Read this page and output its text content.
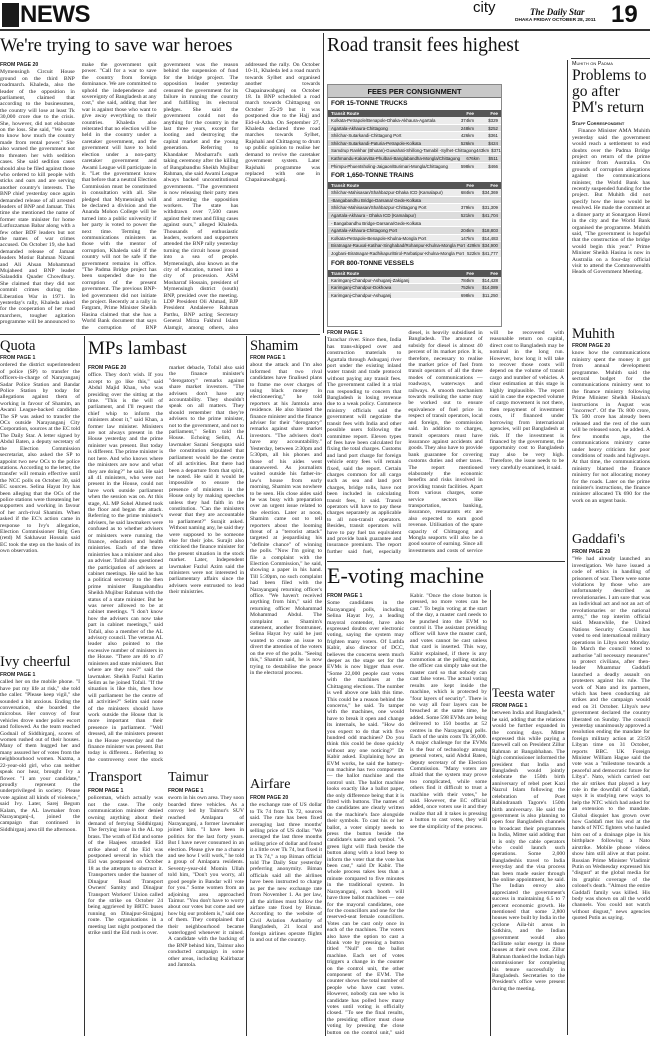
NEWS	city	The Daily Star
DHAKA FRIDAY OCTOBER 28, 2011 19
We're trying to save war heroes

FROM PAGE 20
Mymensingh Circuit House ground on the third BNP roadmarch. Khaleda, also the leader of the opposition in parliament, claimed that according to the businessmen, the country will lose at least Tk 30,000 crore due to the crisis. She, however, did not elaborate on the loss. She said, "We want to know how much the country made from rental power." She also warned the government not to threaten her with sedition cases. She said sedition cases should also be filed against those who ordered to kill people with sticks and oars and are serving another country's interests. The BNP chief yesterday once again demanded release of all arrested leaders of BNP and Jamaat. This time she mentioned the name of former state minister for home Lutfozzaman Babar along with a few other BDF leaders but not the names of war crimes accused. On October 19, she had demanded release of Jamaat leaders Motiur Rahman Nizami and Ali Ahsan Mohammad Mujaheed and BNP leader Salauddin Quader Chowdhury. She claimed that they did not commit crimes during the Liberation War in 1971. In yesterday's rally, Khaleda asked for the cooperation of her road marchers, tougher agitation programme will be announced to make the government quit power. "Call for a war to save the country from foreign dominance. We are committed to uphold the independence and sovereignty of Bangladesh at any cost," she said, adding that her war is against those who want to give away everything to their countries. Khaleda also reiterated that no election will be held in the country under a caretaker government, and the government will have to hold election under a non-party caretaker government and Awami League will participate in it. "Let the government know that before that a neutral Election Commission must be constituted in consultation with all. She pledged that Mymensingh will be declared a division and the Ananda Mohon College will be turned into a public university if her party is voted to power the next time. Terming the communications ministers as those with the mentor of corruption, Khaleda said if the country will not be safe if the government remains in office. "The Padma Bridge project has been suspended due to the corruption of the present government. The previous BNP-led government did not initiate the project. Recently at a rally in Fatgram, Prime Minister Sheikh Hasina claimed that she has a World Bank document that says the corruption of BNP government was the reason behind the suspension of fund for the bridge project. The opposition leader yesterday censured the government for its failure in running the country and fulfilling its electoral pledges. She said the government could not do anything for the country in the last three years, except for looting and destroying the capital market and the young generation. Referring to Khandaker Mosharraf's oath taking ceremony after the killing of Bangabandhu Sheikh Mujibur Rahman, she said Awami League always backed unconstitutional governments. "The government is now releasing their party men and arresting the opposition workers. The state has withdrawn over 7,500 cases against their men and filing cases against ours," alleged Khaleda. Thousands of enthusiastic leaders, workers and supporters attended the BNP rally yesterday turning the circuit house ground into a sea of people. Mymensingh, also known as the city of education, turned into a city of procession. ASM Mosharraf Hossain, president of Mymensingh district (south) BNP, presided over the meeting. LDP President Oli Ahmad, BJP President Andaleeve Rahman Parthu, BNP acting Secretary General Mirza Fakhrul Islam Alamgir, among others, also addressed the rally. On October 10-11, Khaleda led a road march towards Sylhet and organised another towards Chapainawabganj on October 18. In BNP scheduled a road march towards Chittagong on October 25-29 but it was postponed due to the Hajj and Eid-ul-Azha. On September 27, Khaleda declared three road marches towards Sylhet, Rajshahi and Chittagong to drum up public opinion to realise her demand to revive the caretaker government system. Later Rajshahi programme was replaced with one in Chapainawabganj.

Road transit fees highest
FEES PER CONSIGNMENT
FOR 15-TONNE TRUCKS
Transit Route	Fee	Fee
Kolkata-Petrapole/Benapole-Dhaka-Akhaura-Agartala	374km	$329
Agartala-Akhaura-Chittagong	248km	$252
Shilchar-Sutarkandi-Chittagong Port	426km	$361
Shilchar-Sutarkandi-Paturia-Petrapole-Kolkata	526km	$424
Samdrup Rankhar (Bhutan)-Guwahati-Shillong-Tamabil -Sylhet-Chittagong 443km $371
Kathmandu-Kakarvitta-Phulbari-Banglabandha-Mongla/Chittagong	676km	$511
Phimpu-Phuentsholing-Jaigaon/Burimari-Mongla/Chittagong	598km	$466
FOR 1,650-TONNE TRAINS
Transit Route	Fee	Fee
Shilchar-Mahisasan/Shahbazpur-Dhaka ICD (Kamalapur)	684km	$34,369
-Bangabandhu Bridge-Darsana/ Gede-Kolkata
Shilchar-Mahisasan/Shahbazpur-Chittagong Port	379km	$31,309
Agartala-Akhaura - Dhaka ICD (Kamalapur)	521km	$41,704
- Bangabandhu Bridge-Darsana/Gede-Kolkata
Agartala-Akhaura-Chittagong Port	204km	$18,803
Kolkata-Petrapole-Benapole-Khulna-Mongla Port	147km	$14,483
Biratnagar-Rauxal-Katihar-Singhabad/Rohanpur-Khulna-Mongla Port 429km $34,900
Jogbani-Biratnagar-Radhikapur/Birol-Parbatipur-Khulna-Mongla Port 522km $41,777
FOR 800-TONNE VESSELS
Transit Route	Fee	Fee
Karimganj-Chandpur-Ashuganj-Zakiganj	784km	$14,428
Karimganj-Chandpur-Dokhowa	752km	$14,089
Karimganj-Chandpur-Ashuganj	698km	$11,250

FROM PAGE 1
Tarachar river. Since then, India has trans-shipped over and construction materials to Agartala through Ashuganj river port under the existing inland water transit and trade protocol without paying any transit fees. The government called it a trial run responding to concern that Bangladesh is losing revenue due to a weak policy. Commerce ministry officials said the government will negotiate the transit fees with India and other possible users following the committee report. Eleven types of fees have been calculated for fixing the total charges. Customs and land port charge for foreign vehicle entry fees will remain fixed, said the report. Certain charges common for all cargo such as sea and land port charges, bridge tolls, have not been included in calculating transit fees, it said. Transit operators will have to pay these charges separately as applicable to all non-transit operators. Besides, transit operators will have to pay fuel tax equivalent and provide bank guarantee and insurance premium. The report further said fuel, especially diesel, is heavily subsidised in Bangladesh. The amount of subsidy for diesel is almost 40 percent of its market price. It is, therefore, necessary to realise the market price of fuel from transit operators of all the three modes of communications — roadways, waterways and railways. A smooth mechanism towards realising the same may be worked out to ensure equivalence of fuel price in respect of transit operators, local and foreign, the commission said. In addition to charges, transit operators must have insurance against accidents and goods. They also have to provide bank guarantee for covering customs duties and other taxes. The report mentioned elaborately the economic benefits and risks involved in providing transit facilities. Apart from various charges, some service sectors like transportation, banking, insurance, restaurants etc are also expected to earn good revenue. Utilisation of the spare capacity of Chittagong and Mongla seaports will also be a good source of earning. Since all investments and costs of service will be recovered with reasonable return on capital, direct cost to Bangladesh may be nominal in the long run. However, how long it will take to recover those costs will depend on the volume of transit cargo and number of vehicles. A clear estimation at this stage is highly implausible. The report said in case the expected volume of cargo movement is not there, then repayment of investment costs, if financed under borrowing from international agencies, will put Bangladesh at risk. If the investment is financed by the government, the opportunity cost to Bangladesh may also be very high. Therefore, the issue needs to be very carefully examined, it said.

Muhith on Padma
Problems to go after PM's return
Staff Correspondent

Finance Minister AMA Muhith yesterday said the government would reach a settlement to end doubts over the Padma Bridge project on return of the prime minister from Australia. On grounds of corruption allegations against the communications minister, the World Bank has recently suspended funding for the project. But Muhith did not specify how the issue would be resolved. He made the comment at a dinner party at Sonargaon Hotel in the city and the World Bank organised the programme. Muhith said, "The government is hopeful that the construction of the bridge would begin this year." Prime Minister Sheikh Hasina is now in Australia on a four-day official visit to attend the Commonwealth Heads of Government Meeting.

Muhith

FROM PAGE 20
know how the communications ministry spent the money it got from annual development programme. Muhith said the sectoral budget for the communications ministry sent to the finance ministry following Prime Minister Sheikh Hasina's instructions in August was "incorrect". Of the Tk 800 crore, Tk 500 crore has already been released and the rest of the sum will be released soon, he added. A few months ago, the communications ministry came under heavy criticism for poor conditions of roads and highways. At that time, the communications ministry blamed the finance ministry for not allocating money for the roads. Later on the prime minister's instructions, the finance minister allocated Tk 690 for the work on an urgent basis.

Gaddafi's

FROM PAGE 20
"We had already launched an investigation. We have issued a code of ethics in handling of prisoners of war. There were some violations by those who are unfortunately described as revolutionaries. I am sure that was an individual act and not an act of revolutionaries or the national army," the top interim official said. Meanwhile, the United Nations Security Council has voted to end international military operations in Libya next Monday. In March the council voted to authorise "all necessary measures" to protect civilians, after then-leader Muammar Gaddafi launched a deadly assault on protesters against his rule. The work of Nato and its partners, which has been conducting air strikes and the campaign would end on 31 October. Libya's new government declared the country liberated on Sunday. The council yesterday unanimously approved a resolution ending the mandate for foreign military action at 23:59 Libyan time on 31 October, reports BBC. UK Foreign Minister William Hague said the vote was a "milestone towards a peaceful and democratic future for Libya". Nato, which carried out the air strikes that played a key role in the downfall of Gaddafi, says it is studying new ways to help the NTC which had asked for an extension to the mandate. Global disquiet has grown over how Gaddafi met his end at the hands of NTC fighters who hauled him out of a drainage pipe in his birthplace following a Nato airstrike. Mobile phone videos show him still alive at that point. Russian Prime Minister Vladimir Putin on Wednesday expressed his "disgust" at the global media for its graphic coverage of the colonel's death. "Almost the entire Gaddafi family was killed. His body was shown on all the world channels. You could not watch without disgust," news agencies quoted Putin as saying.

Quota

FROM PAGE 1
ordered the district superintendent of police (SP) to transfer the officers-in-charge of Narayanganj Sadar Police Station and Bandar Police Station by today for allegations against them of working in favour of Shamim, an Awami League-backed candidate. The SP was asked to transfer the OCs outside Narayanganj City Corporation, sources at the EC told The Daily Star. A letter signed by Abdul Baten, a deputy secretary of the Election Commission secretariat, also asked the SP to appoint two new OCs to the police stations. According to the letter, the transfer will remain effective until the NCC polls on October 30, said EC sources. Selina Hayat Ivy has been alleging that the OCs of the police stations were threatening her supporters and working in favour of her arch-rival Shamim. When asked if the EC's action came in response to Ivy's allegation, Election Commissioner Brig Gen (retd) M Sakhawat Hossain said EC took the step on the basis of its own observation.

Ivy cheerful

FROM PAGE 1
called her on the mobile phone. "I have put my life at risk," she told the caller. "Please keep vigil," she sounded a bit anxious. Ending the conversation, she boarded the microbus. Her convoy of four vehicles drove under police escort and followed. As the team reached Godnail of Siddhirganj, scores of women rushed out of their houses. Many of them hugged her and many assured her of votes from the neighbourhood women. Nazma, a 22-year-old girl, who can neither speak nor hear, brought Ivy a flower. "I am your candidate," proudly represent the underprivileged in society. Please vote against all kinds of violence," said Ivy. Later, Sarej Begum Kalam, the AL lawmaker from Narayanganj-4, joined the campaign that continued in Siddhirganj area till the afternoon.

MPs lambast

FROM PAGE 20
office. They don't wish. If you accept to go like this," said Abdul Majid Khan, who was presiding over the sitting at the time. "This is the will of parliament, and I'll request the chief whip to inform the ministers about it," said Khan, a former law minister. Ministers are not always present in the House yesterday and the prime minister was present. But today is different. The prime minister is not here. And who knows where the ministers are now and what they are doing?" he said. He said all 41 ministers, who were not present in the House, could not have work outside parliament when the session was on. At this stage, AL MP Sohel Ahmed took the floor and began the attack. Referring to the prime minister's advisers, he said lawmakers were confused as to whether advisers or ministers were running the finance, education and health ministries. Each of the three ministries has a minister and also an adviser. Tofail also questioned the participation of advisers at cabinet meetings. He said he has a political secretary to the then prime minister Bangabandhu Sheikh Mujibur Rahman with the status of a state minister. But he was never allowed to be at cabinet meetings. "I don't know how the advisers can now take part in cabinet meetings," said Tofail, also a member of the AL advisory council. The veteran AL leader also pointed to the excessive number of ministers in the House. "There are 46 to 47 ministers and state ministers. But where are they now?" said the lawmaker. Sheikh Fazlul Karim Selim as he joined Tofail. "If the situation is like this, then how will parliament be the centre of all activities?" Selim said none of the ministers should have work outside the House that is more important than their presence in parliament. "Well dressed, all the ministers present in the House yesterday and the finance minister was present. But today is different... Referring to the controversy over the stock market debacle, Tofail also said the finance minister's "derogatory" remarks against share market investors. "The advisers don't have any accountability. They shouldn't speak on all matters. They should remember that they're advisers to the prime minister, not to the government, and not to parliament," Selim told the House. Echoing Selim, AL lawmaker Sarani Sengupta said the constitution stipulated that parliament would be the centre of all activities. But there had been a departure from that spirit, he noted. He said it would be impossible to ensure the presence of ministers in the House only by making speeches unless they had faith in the constitution. "Can the ministers swear that they are accountable to parliament?" Surajit asked. Without naming any, he said they were supposed to be someone else for their jobs. Surajit also criticised the finance minister for the present situation in the stock market. Later, Independent lawmaker Fazlul Azim said the ministers were not interested in parliamentary affairs since the advisers were entrusted to lead their ministries.

Transport

FROM PAGE 1
policeman, which actually was not the case. The only communication minister denied owning anything about their demand of ferrying Siddhirganj The ferrying issue in the AL top brass. The wrath of Eid and some of the Haajees stranded Eid strike ahead of the Eid was postponed several in which the Eid was postponed on October 18 as the attempts to obstruct it. Transporters under the banner of Dinajpur Road Transport Owners' Samity and Dinajpur Transport Workers' Union called for the strike on October 24 being aggrieved by BRTC buses running on Dinajpur-Sirajganj route. The organisations in a meeting last night postponed the strike until the Eid rush is over.

Taimur

FROM PAGE 1
sworn in his own area. They soon boarded three vehicles. As a convoy led by Taimur's SUV reached Amlapara of Narayanganj, a former lawmaker joined him. "I have been in politics for the last forty years. But I have never consumed in an election. Please give me a chance and see how I will work," he told a group of Amlapara residents. Seventy-year-old Momin Ullah told him, "Don't you worry, all good people in Bandar will vote for you." Some women from an adjoining area approached Taimur. "You don't have to worry about our votes but come and see how big our problem is," said one of them. They complained that their neighbourhood became waterlogged whenever it rained. A candidate with the backing of the BNP behind him, Taimur also conducted campaign in some other areas, including Kalirbazar and Jamtola.

Shamim

FROM PAGE 1
about the attack and I'm also informed that two rival candidates have finalised plans to frame me over charges of using black money in electioneering," he told reporters at his Jamtola area residence. He also blasted the finance minister and the finance adviser for their "derogatory" remarks against share market investors. "The advisers don't have any accountability." Yesterday, between 2:30pm and 5:30pm, all his phones and those of his aides went unanswered. As journalists waited outside his father-in-law's house from early morning, Shamim was nowhere to be seen. His close aides said he was busy with preparation over an urgent issue related to the election. Later at noon, Shamim came out to tell reporters about the looming threat of a "terrorist attack" targeted at jeopardising his "definite chance" of winning the polls. "Now I'm going to file a complaint with the Election Commission," he said, showing a paper in his hand. Till 5:30pm, no such complaint had been filed with the Narayanganj returning officer's office. "We haven't received anything from him," said the returning officer Mohammad Mohammad Abdul. The complaint as Shamim's statement, another frontrunner, Selina Hayat Ivy said he just wanted to create an issue to divert the attention of the voters on the eve of the polls. "Seeing this," Shamim said, he is now trying to destabilise the peace in the electoral process.

Airfare

FROM PAGE 20
the exchange rate of US dollar to Tk 74 from Tk 72, sources said. The rate has been fixed averaging last three months' selling price of US dollar. "We averaged the last three months selling price of dollar and found it a little over Tk 74, but fixed it at Tk 74," a top Biman official told The Daily Star yesterday preferring anonymity. Biman officials said all the airlines have been instructed to charge as per the new exchange rate from November 1. As per law, all the airlines must follow the airfare rate fixed by Biman. According to the website of Civil Aviation Authority of Bangladesh, 21 local and foreign airlines operate flights in and out of the country.

E-voting machine

FROM PAGE 1
Some candidates in the Narayanganj polls, including Selina Hayat Ivy, a leading mayoral contender, have also expressed doubts over electronic voting, saying the system may frighten many voters. Of Luthfa Kabir, also director of DCC, believes the concerns seem much deeper as the stage set for the EVMs is now bigger than ever. "Some 22,000 people cast votes with the machines at the Chittagong elections. The number is well above one lakh this time. This could be a reason behind the concerns," he said. To tamper with the machines, one would have to break it open and change its internals, he said. "How do you expect to do that with five hundred odd machines? Do you think this could be done quickly without any one noticing?" Dr Kabir asked. Explaining how an EVM works, he said the battery-run machine has two components — the ballot machine and the control unit. The ballot machine looks exactly like a ballot paper, the only difference being that it is fitted with buttons. The names of the candidates are clearly written on the machine's face alongside their symbols. To cast his or her ballot, a voter simply needs to press the button beside the candidate's name and symbol. "A green light will flash beside the button along with a loud beep to inform the voter that the vote has been cast," said Dr Kabir. The whole process takes less than a minute compared to five minutes in the traditional system. In Narayanganj, each booth will have three ballot machines — one for the mayoral candidates, one for the councillors and one for the reserved-seat female councillors. Votes can be cast only once in each of the machines. The voters also have the option to cast a blank vote by pressing a button titled "Null" on the ballot machine. Each set of votes triggers a change in the counter on the control unit, the other component of the EVM. The counter shows the total number of people who have cast votes. However, nobody can see who is candidate has polled how many votes until voting is officially closed. "To see the final results, the presiding officer must close voting by pressing the close button on the control unit," said Kabir. "Once the close button is pressed, no more votes can be cast." To begin voting at the start of the day, a master card needs to be punched into the EVM to control it. The assistant presiding officer will have the master card, and votes cannot be cast unless that card is inserted. This way, Kabir explained, if there is any commotion at the polling station, the officer can simply take out the master card so that nobody can cast false votes. The actual voting results are kept inside the machine, which is protected by "four layers of security". There is no way all four layers can be breached at the same time, he added. Some 598 EVMs are being delivered to 150 booths at 52 centres in the Narayanganj polls. Each of the units costs Tk 36,000. A major challenge for the EVMs is the fear of technology among general voters, said Abdul Baten, deputy secretary of the Election Commission. "Many voters are afraid that the system may prove too complicated, while some others find it difficult to trust a machine with their votes," he said. However, the EC official added, once voters use it and they realize that all it takes is pressing a button to cast votes, they will see the simplicity of the process.

Teesta water

FROM PAGE 1
between India and Bangladesh," he said, adding that the relations would be further expanded in the coming days. Mitter expressed this while paying a farewell call on President Zillur Rahman at Bangabhaban. The high commissioner informed the president that India and Bangladesh would jointly celebrate the 150th birth anniversary of rebel poet Kazi Nazrul Islam following the celebration of Poet Rabindranath Tagore's 150th birth anniversary. He said the government is also planning to open four Bangladesh channels to broadcast their programmes in India, Mitter said adding that it is only the cable operators who could launch such operations. Some 2,000 Bangladeshis travel to India everyday and the visa process has been made easier through the online appointment, he said. The Indian envoy also appreciated the government's success in maintaining 6.5 to 7 percent economic growth. He mentioned that some 2,800 houses were built by India in the cyclone Aila-hit areas in Satkhira, and the Indian government would also facilitate solar energy in those houses at their own cost. Zillur Rahman thanked the Indian high commissioner for completing his tenure successfully in Bangladesh. Secretaries to the President's office were present during the meeting.
